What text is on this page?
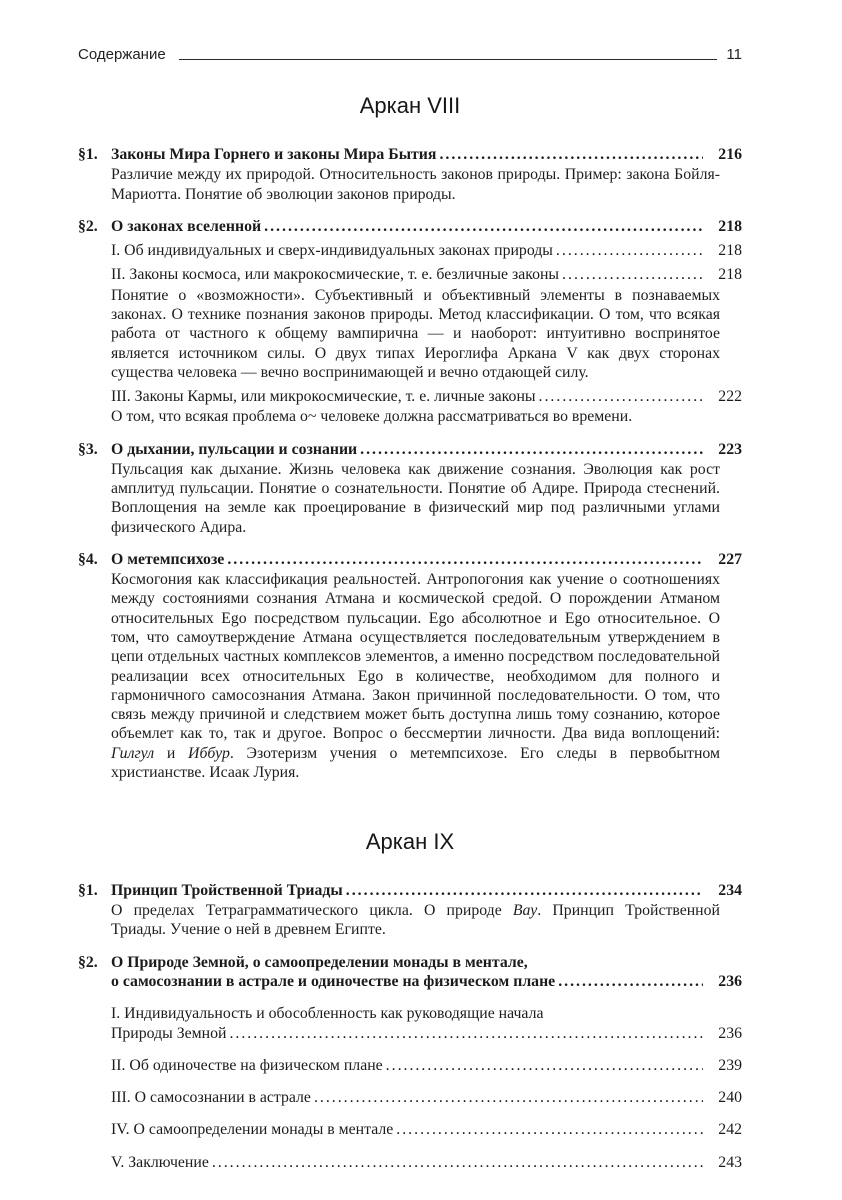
Содержание	11
Аркан VIII
§1. Законы Мира Горнего и законы Мира Бытия .....	216

Различие между их природой. Относительность законов природы. Пример: закона Бойля-Мариотта. Понятие об эволюции законов природы.

§2. О законах вселенной .....	218
I. Об индивидуальных и сверх-индивидуальных законах природы .....	218
II. Законы космоса, или макрокосмические, т. е. безличные законы .....	218

Понятие о «возможности». Субъективный и объективный элементы в познаваемых законах. О технике познания законов природы. Метод классификации. О том, что всякая работа от частного к общему вампирична — и наоборот: интуитивно воспринятое является источником силы. О двух типах Иероглифа Аркана V как двух сторонах существа человека — вечно воспринимающей и вечно отдающей силу.

III. Законы Кармы, или микрокосмические, т. е. личные законы .....	222

О том, что всякая проблема о~ человеке должна рассматриваться во времени.

§3. О дыхании, пульсации и сознании .....	223

Пульсация как дыхание. Жизнь человека как движение сознания. Эволюция как рост амплитуд пульсации. Понятие о сознательности. Понятие об Адире. Природа стеснений. Воплощения на земле как проецирование в физический мир под различными углами физического Адира.

§4. О метемпсихозе .....	227

Космогония как классификация реальностей. Антропогония как учение о соотношениях между состояниями сознания Атмана и космической средой. О порождении Атманом относительных Ego посредством пульсации. Ego абсолютное и Ego относительное. О том, что самоутверждение Атмана осуществляется последовательным утверждением в цепи отдельных частных комплексов элементов, а именно посредством последовательной реализации всех относительных Ego в количестве, необходимом для полного и гармоничного самосознания Атмана. Закон причинной последовательности. О том, что связь между причиной и следствием может быть доступна лишь тому сознанию, которое объемлет как то, так и другое. Вопрос о бессмертии личности. Два вида воплощений: Гилгул и Иббур. Эзотеризм учения о метемпсихозе. Его следы в первобытном христианстве. Исаак Лурия.

Аркан IX
§1. Принцип Тройственной Триады .....	234

О пределах Тетраграмматического цикла. О природе Вау. Принцип Тройственной Триады. Учение о ней в древнем Египте.

§2. О Природе Земной, о самоопределении монады в ментале,
о самосознании в астрале и одиночестве на физическом плане .....	236
I. Индивидуальность и обособленность как руководящие начала
Природы Земной .....	236
II. Об одиночестве на физическом плане .....	239
III. О самосознании в астрале .....	240
IV. О самоопределении монады в ментале .....	242
V. Заключение .....	243
